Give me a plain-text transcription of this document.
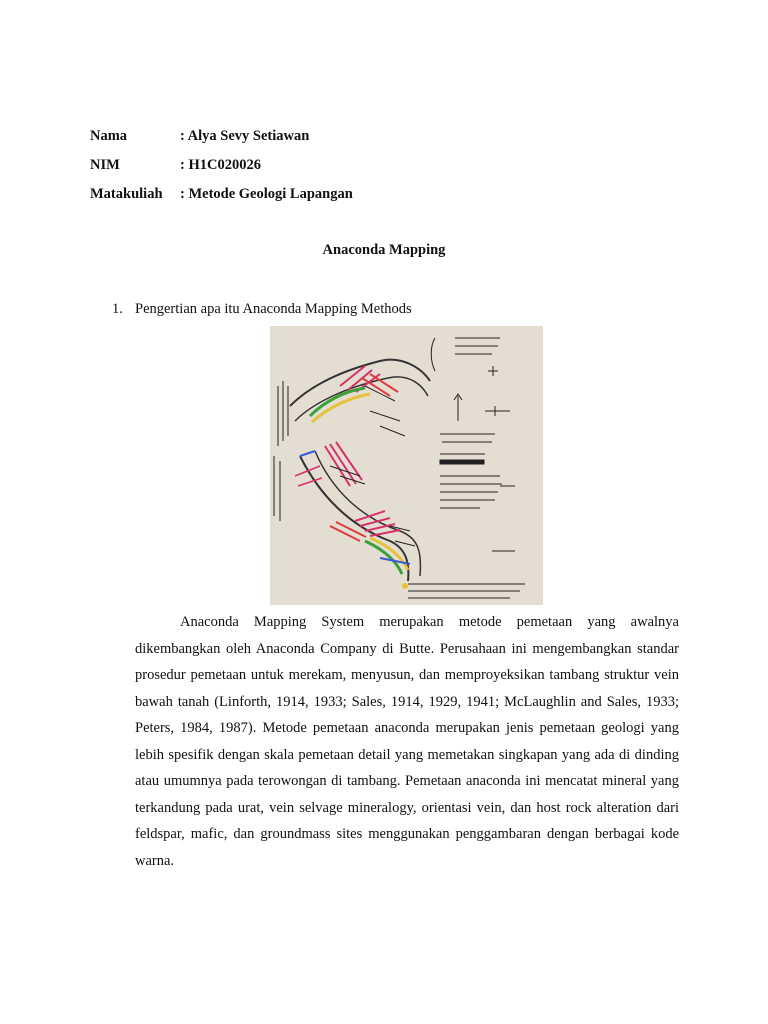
Nama	: Alya Sevy Setiawan
NIM	: H1C020026
Matakuliah	: Metode Geologi Lapangan
Anaconda Mapping
1. Pengertian apa itu Anaconda Mapping Methods

Anaconda Mapping System merupakan metode pemetaan yang awalnya dikembangkan oleh Anaconda Company di Butte. Perusahaan ini mengembangkan standar prosedur pemetaan untuk merekam, menyusun, dan memproyeksikan tambang struktur vein bawah tanah (Linforth, 1914, 1933; Sales, 1914, 1929, 1941; McLaughlin and Sales, 1933; Peters, 1984, 1987). Metode pemetaan anaconda merupakan jenis pemetaan geologi yang lebih spesifik dengan skala pemetaan detail yang memetakan singkapan yang ada di dinding atau umumnya pada terowongan di tambang. Pemetaan anaconda ini mencatat mineral yang terkandung pada urat, vein selvage mineralogy, orientasi vein, dan host rock alteration dari feldspar, mafic, dan groundmass sites menggunakan penggambaran dengan berbagai kode warna.
